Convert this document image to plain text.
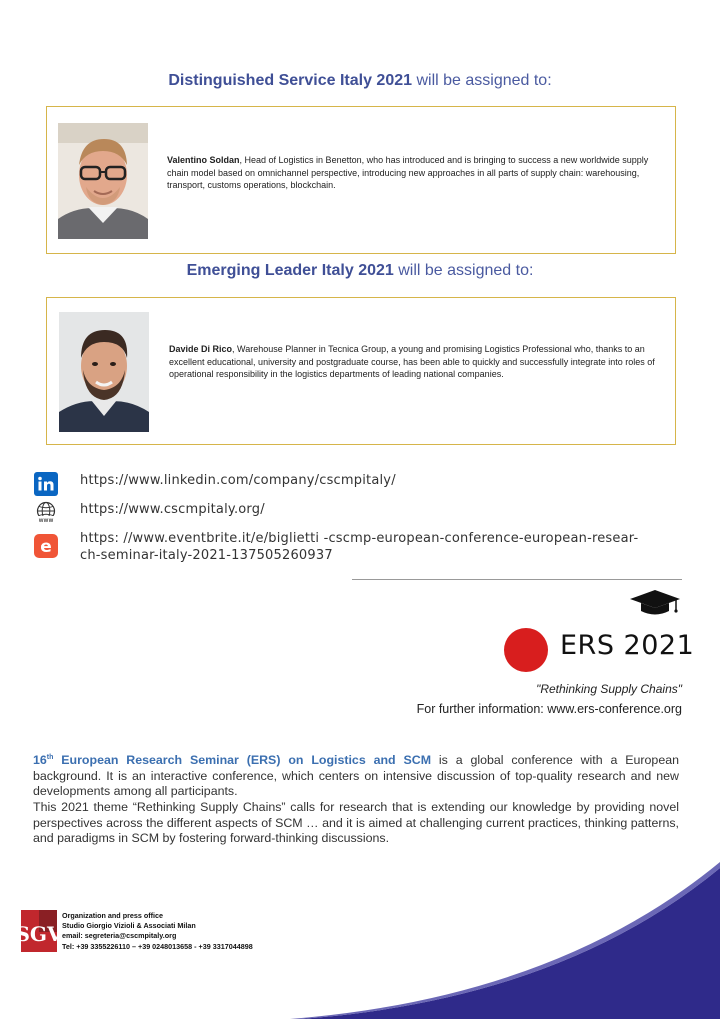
Distinguished Service Italy 2021 will be assigned to:
Valentino Soldan, Head of Logistics in Benetton, who has introduced and is bringing to success a new worldwide supply chain model based on omnichannel perspective, introducing new approaches in all parts of supply chain: warehousing, transport, customs operations, blockchain.
Emerging Leader Italy 2021 will be assigned to:
Davide Di Rico, Warehouse Planner in Tecnica Group, a young and promising Logistics Professional who, thanks to an excellent educational, university and postgraduate course, has been able to quickly and successfully integrate into roles of operational responsibility in the logistics departments of leading national companies.
https://www.linkedin.com/company/cscmpitaly/
www
https://www.cscmpitaly.org/
e https: //www.eventbrite.it/e/biglietti -cscmp-european-conference-european-resear-
ch-seminar-italy-2021-137505260937
ERS 2021
"Rethinking Supply Chains"
For further information: www.ers-conference.org
16th European Research Seminar (ERS) on Logistics and SCM is a global conference with a European background. It is an interactive conference, which centers on intensive discussion of top-quality research and new developments among all participants.
This 2021 theme “Rethinking Supply Chains” calls for research that is extending our knowledge by providing novel perspectives across the different aspects of SCM … and it is aimed at challenging current practices, thinking patterns, and paradigms in SCM by fostering forward-thinking discussions.
SGV
Organization and press office
Studio Giorgio Vizioli & Associati Milan
email: segreteria@cscmpitaly.org
Tel: +39 3355226110 – +39 0248013658 - +39 3317044898
